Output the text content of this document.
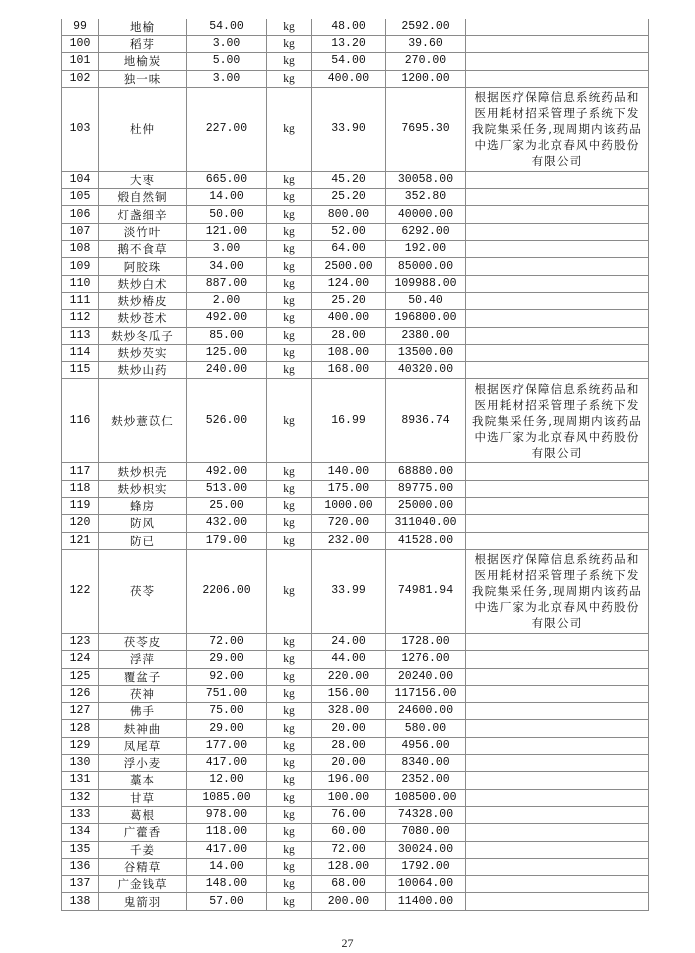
99	地榆	54.00	kg	48.00	2592.00	
100	稻芽	3.00	kg	13.20	39.60	
101	地榆炭	5.00	kg	54.00	270.00	
102	独一味	3.00	kg	400.00	1200.00	
103	杜仲	227.00	kg	33.90	7695.30	根据医疗保障信息系统药品和医用耗材招采管理子系统下发我院集采任务,现周期内该药品中选厂家为北京春风中药股份有限公司
104	大枣	665.00	kg	45.20	30058.00	
105	煅自然铜	14.00	kg	25.20	352.80	
106	灯盏细辛	50.00	kg	800.00	40000.00	
107	淡竹叶	121.00	kg	52.00	6292.00	
108	鹅不食草	3.00	kg	64.00	192.00	
109	阿胶珠	34.00	kg	2500.00	85000.00	
110	麸炒白术	887.00	kg	124.00	109988.00	
111	麸炒椿皮	2.00	kg	25.20	50.40	
112	麸炒苍术	492.00	kg	400.00	196800.00	
113	麸炒冬瓜子	85.00	kg	28.00	2380.00	
114	麸炒芡实	125.00	kg	108.00	13500.00	
115	麸炒山药	240.00	kg	168.00	40320.00	
116	麸炒薏苡仁	526.00	kg	16.99	8936.74	根据医疗保障信息系统药品和医用耗材招采管理子系统下发我院集采任务,现周期内该药品中选厂家为北京春风中药股份有限公司
117	麸炒枳壳	492.00	kg	140.00	68880.00	
118	麸炒枳实	513.00	kg	175.00	89775.00	
119	蜂房	25.00	kg	1000.00	25000.00	
120	防风	432.00	kg	720.00	311040.00	
121	防已	179.00	kg	232.00	41528.00	
122	茯苓	2206.00	kg	33.99	74981.94	根据医疗保障信息系统药品和医用耗材招采管理子系统下发我院集采任务,现周期内该药品中选厂家为北京春风中药股份有限公司
123	茯苓皮	72.00	kg	24.00	1728.00	
124	浮萍	29.00	kg	44.00	1276.00	
125	覆盆子	92.00	kg	220.00	20240.00	
126	茯神	751.00	kg	156.00	117156.00	
127	佛手	75.00	kg	328.00	24600.00	
128	麸神曲	29.00	kg	20.00	580.00	
129	凤尾草	177.00	kg	28.00	4956.00	
130	浮小麦	417.00	kg	20.00	8340.00	
131	藁本	12.00	kg	196.00	2352.00	
132	甘草	1085.00	kg	100.00	108500.00	
133	葛根	978.00	kg	76.00	74328.00	
134	广藿香	118.00	kg	60.00	7080.00	
135	千姜	417.00	kg	72.00	30024.00	
136	谷精草	14.00	kg	128.00	1792.00	
137	广金钱草	148.00	kg	68.00	10064.00	
138	鬼箭羽	57.00	kg	200.00	11400.00	
27
